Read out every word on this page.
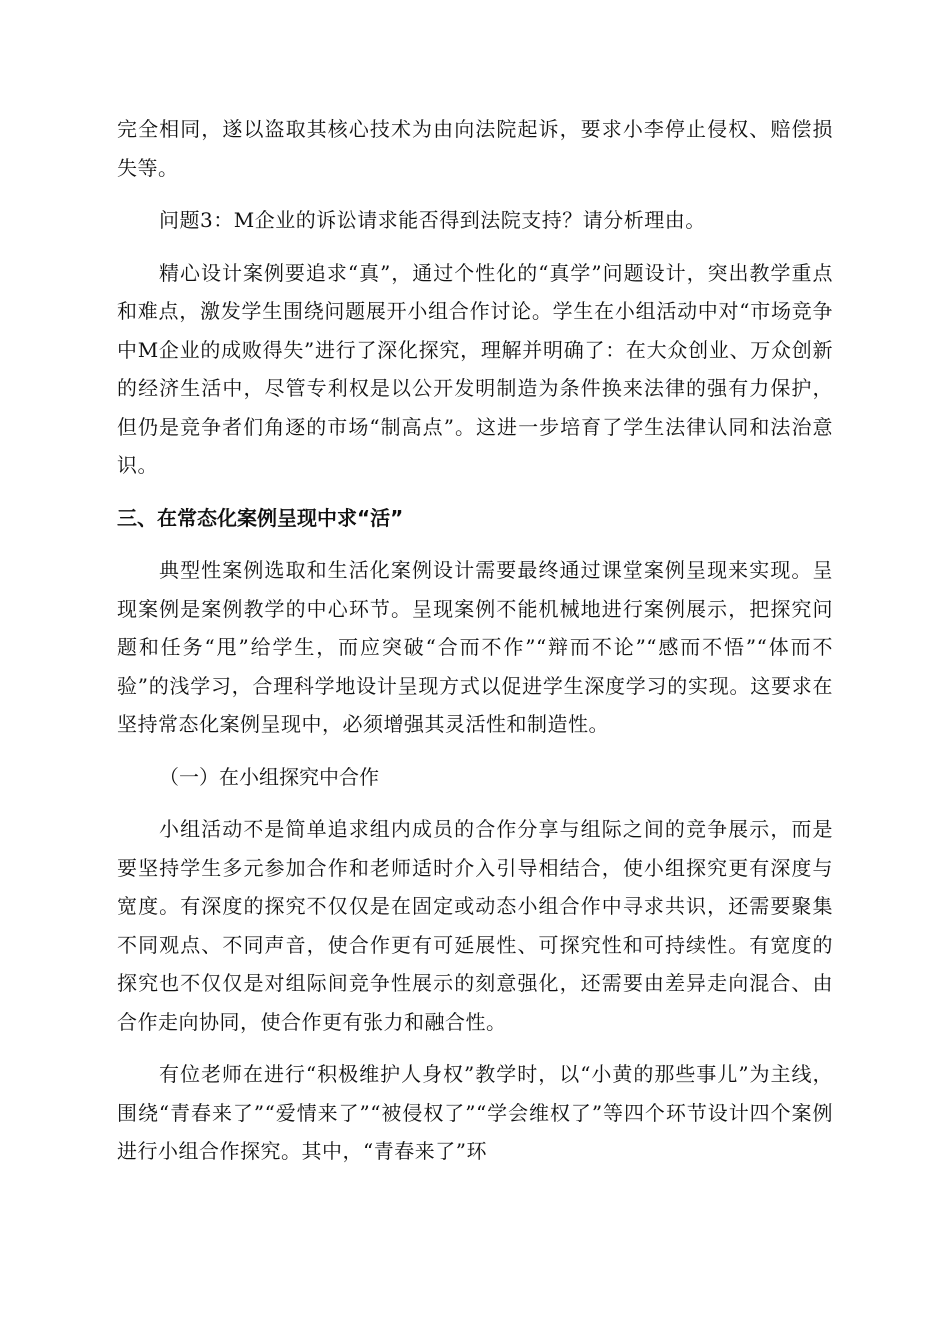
完全相同，遂以盗取其核心技术为由向法院起诉，要求小李停止侵权、赔偿损失等。

问题3：M企业的诉讼请求能否得到法院支持？请分析理由。

精心设计案例要追求“真”，通过个性化的“真学”问题设计，突出教学重点和难点，激发学生围绕问题展开小组合作讨论。学生在小组活动中对“市场竞争中M企业的成败得失”进行了深化探究，理解并明确了：在大众创业、万众创新的经济生活中，尽管专利权是以公开发明制造为条件换来法律的强有力保护，但仍是竞争者们角逐的市场“制高点”。这进一步培育了学生法律认同和法治意识。

三、在常态化案例呈现中求“活”

典型性案例选取和生活化案例设计需要最终通过课堂案例呈现来实现。呈现案例是案例教学的中心环节。呈现案例不能机械地进行案例展示，把探究问题和任务“甩”给学生，而应突破“合而不作”“辩而不论”“感而不悟”“体而不验”的浅学习，合理科学地设计呈现方式以促进学生深度学习的实现。这要求在坚持常态化案例呈现中，必须增强其灵活性和制造性。

（一）在小组探究中合作

小组活动不是简单追求组内成员的合作分享与组际之间的竞争展示，而是要坚持学生多元参加合作和老师适时介入引导相结合，使小组探究更有深度与宽度。有深度的探究不仅仅是在固定或动态小组合作中寻求共识，还需要聚集不同观点、不同声音，使合作更有可延展性、可探究性和可持续性。有宽度的探究也不仅仅是对组际间竞争性展示的刻意强化，还需要由差异走向混合、由合作走向协同，使合作更有张力和融合性。

有位老师在进行“积极维护人身权”教学时，以“小黄的那些事儿”为主线，围绕“青春来了”“爱情来了”“被侵权了”“学会维权了”等四个环节设计四个案例进行小组合作探究。其中，“青春来了”环
